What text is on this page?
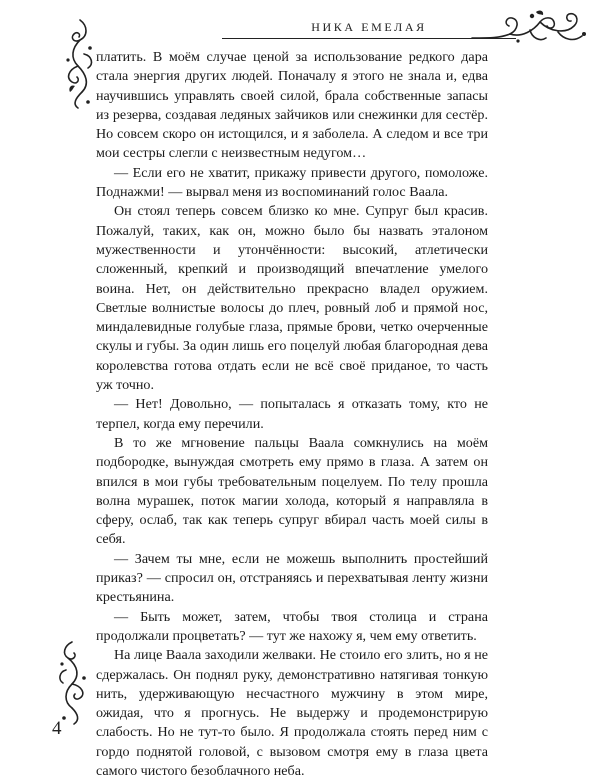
НИКА ЕМЕЛАЯ

платить. В моём случае ценой за использование редкого дара стала энергия других людей. Поначалу я этого не знала и, едва научившись управлять своей силой, брала собственные запасы из резерва, создавая ледяных зайчиков или снежинки для сестёр. Но совсем скоро он истощился, и я заболела. А следом и все три мои сестры слегли с неизвестным недугом…

— Если его не хватит, прикажу привести другого, помоложе. Поднажми! — вырвал меня из воспоминаний голос Ваала.

Он стоял теперь совсем близко ко мне. Супруг был красив. Пожалуй, таких, как он, можно было бы назвать эталоном мужественности и утончённости: высокий, атлетически сложенный, крепкий и производящий впечатление умелого воина. Нет, он действительно прекрасно владел оружием. Светлые волнистые волосы до плеч, ровный лоб и прямой нос, миндалевидные голубые глаза, прямые брови, четко очерченные скулы и губы. За один лишь его поцелуй любая благородная дева королевства готова отдать если не всё своё приданое, то часть уж точно.

— Нет! Довольно, — попыталась я отказать тому, кто не терпел, когда ему перечили.

В то же мгновение пальцы Ваала сомкнулись на моём подбородке, вынуждая смотреть ему прямо в глаза. А затем он впился в мои губы требовательным поцелуем. По телу прошла волна мурашек, поток магии холода, который я направляла в сферу, ослаб, так как теперь супруг вбирал часть моей силы в себя.

— Зачем ты мне, если не можешь выполнить простейший приказ? — спросил он, отстраняясь и перехватывая ленту жизни крестьянина.

— Быть может, затем, чтобы твоя столица и страна продолжали процветать? — тут же нахожу я, чем ему ответить.

На лице Ваала заходили желваки. Не стоило его злить, но я не сдержалась. Он поднял руку, демонстративно натягивая тонкую нить, удерживающую несчастного мужчину в этом мире, ожидая, что я прогнусь. Не выдержу и продемонстрирую слабость. Но не тут-то было. Я продолжала стоять перед ним с гордо поднятой головой, с вызовом смотря ему в глаза цвета самого чистого безоблачного неба.

4
